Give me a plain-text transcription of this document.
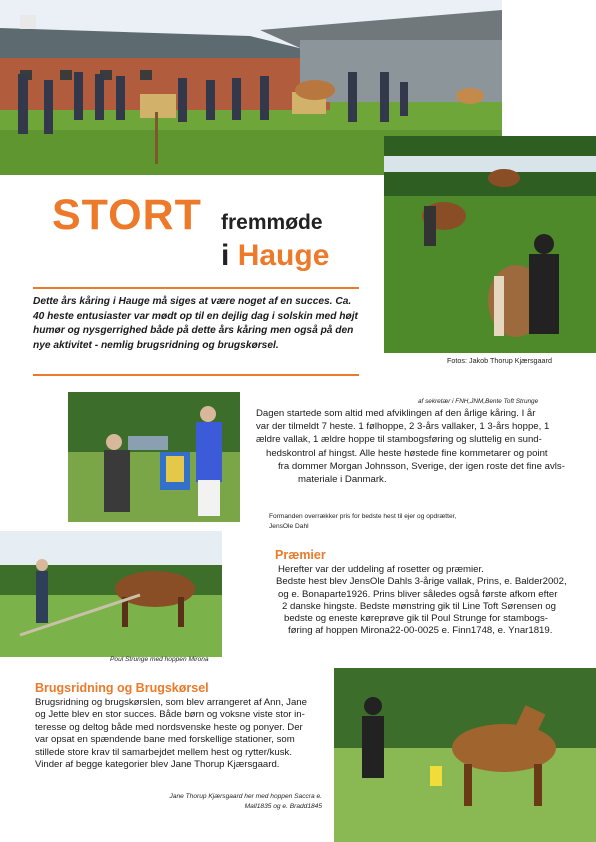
STORT fremmøde
i Hauge
Dette års kåring i Hauge må siges at være noget af en succes. Ca. 40 heste entusiaster var mødt op til en dejlig dag i solskin med højt humør og nysgerrighed både på dette års kåring men også på den nye aktivitet - nemlig brugsridning og brugskørsel.
Fotos: Jakob Thorup Kjærsgaard
af sekretær i FNH,JNM,Bente Toft Strunge

Dagen startede som altid med afviklingen af den årlige kåring. I år

var der tilmeldt 7 heste. 1 følhoppe, 2 3-års vallaker, 1 3-års hoppe, 1

ældre vallak, 1 ældre hoppe til stambogsføring og sluttelig en sund-

hedskontrol af hingst. Alle heste høstede fine kommetarer og point

fra dommer Morgan Johnsson, Sverige, der igen roste det fine avls-

materiale i Danmark.

Formanden overrækker pris for bedste hest til ejer og opdrætter, JensOle Dahl
Præmier
Herefter var der uddeling af rosetter og præmier.
Bedste hest blev JensOle Dahls 3-årige vallak, Prins, e. Balder2002,
og e. Bonaparte1926. Prins bliver således også første afkom efter
2 danske hingste. Bedste mønstring gik til Line Toft Sørensen og
bedste og eneste køreprøve gik til Poul Strunge for stambogs-
føring af hoppen Mirona22-00-0025 e. Finn1748, e. Ynar1819.
Poul Strunge med hoppen Mirona
Brugsridning og Brugskørsel
Brugsridning og brugskørslen, som blev arrangeret af Ann, Jane
og Jette blev en stor succes. Både børn og voksne viste stor in-
teresse og deltog både med nordsvenske heste og ponyer. Der
var opsat en spændende bane med forskellige stationer, som
stillede store krav til samarbejdet mellem hest og rytter/kusk.
Vinder af begge kategorier blev Jane Thorup Kjærsgaard.
Jane Thorup Kjærsgaard her med hoppen Saccra e. Mall1835 og e. Bradd1845
